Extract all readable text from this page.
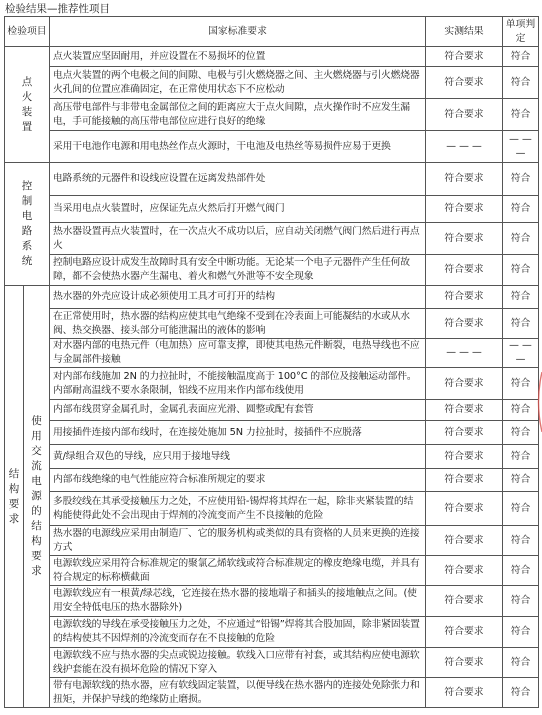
检验结果—推荐性项目
检验项目		国家标准要求	实测结果	单项判定
点火装置		点火装置应坚固耐用，并应设置在不易损坏的位置	符合要求	符合
		电点火装置的两个电极之间的间隙、电极与引火燃烧器之间、主火燃烧器与引火燃烧器火孔间的位置应准确固定，在正常使用状态下不应松动	符合要求	符合
		高压带电部件与非带电金属部位之间的距离应大于点火间隙，点火操作时不应发生漏电，手可能接触的高压带电部位应进行良好的绝缘	符合要求	符合
		采用干电池作电源和用电热丝作点火源时，干电池及电热丝等易损件应易于更换	— — —	— — —
控制电路系统		电路系统的元器件和设线应设置在远离发热部件处	符合要求	符合
		当采用电点火装置时，应保证先点火然后打开燃气阀门	符合要求	符合
		热水器设置再点火装置时，在一次点火不成功以后，应自动关闭燃气阀门然后进行再点火	符合要求	符合
		控制电路应设计成发生故障时具有安全中断功能。无论某一个电子元器件产生任何故障，都不会使热水器产生漏电、着火和燃气外泄等不安全现象	符合要求	符合
结构要求	使用交流电源的结构要求	热水器的外壳应设计成必须使用工具才可打开的结构	符合要求	符合
		在正常使用时，热水器的结构应使其电气绝缘不受到在冷表面上可能凝结的水或从水阀、热交换器、接头部分可能泄漏出的液体的影响	符合要求	符合
		对水器内部的电热元件（电加热）应可靠支撑，即使其电热元件断裂，电热导线也不应与金属部件接触	— — —	— — —
		对内部布线施加 2N 的力拉扯时，不能接触温度高于 100°C 的部位及接触运动部件。内部耐高温线不要水条限制，铝线不应用来作内部布线使用	符合要求	符合
		内部布线贯穿金属孔时，金属孔表面应光滑、圆整或配有套管	符合要求	符合
		用接插件连接内部布线时，在连接处施加 5N 力拉扯时，接插件不应脱落	符合要求	符合
		黄/绿组合双色的导线，应只用于接地导线	符合要求	符合
		内部布线绝缘的电气性能应符合标准所规定的要求	符合要求	符合
		多股绞线在其承受接触压力之处，不应使用铅-锡焊将其焊在一起，除非夹紧装置的结构能使得此处不会出现由于焊剂的冷流变而产生不良接触的危险	符合要求	符合
		热水器的电源线应采用由制造厂、它的服务机构或类似的具有资格的人员来更换的连接方式	符合要求	符合
		电源软线应采用符合标准规定的聚氯乙烯软线或符合标准规定的橡皮绝缘电缆，并具有符合规定的标称横截面	符合要求	符合
		电源软线应有一根黄/绿芯线，它连接在热水器的接地端子和插头的接地触点之间。(使用安全特低电压的热水器除外)	符合要求	符合
		电源软线的导线在承受接触压力之处，不应通过“铅锡”焊将其合股加固，除非紧固装置的结构使其不因焊剂的冷流变而存在不良接触的危险	符合要求	符合
		电源软线不应与热水器的尖点或锐边接触。软线入口应带有衬套，或其结构应使电源软线护套能在没有损坏危险的情况下穿入	符合要求	符合
		带有电源软线的热水器，应有软线固定装置，以便导线在热水器内的连接处免除张力和扭矩，并保护导线的绝缘防止磨损。	符合要求	符合
